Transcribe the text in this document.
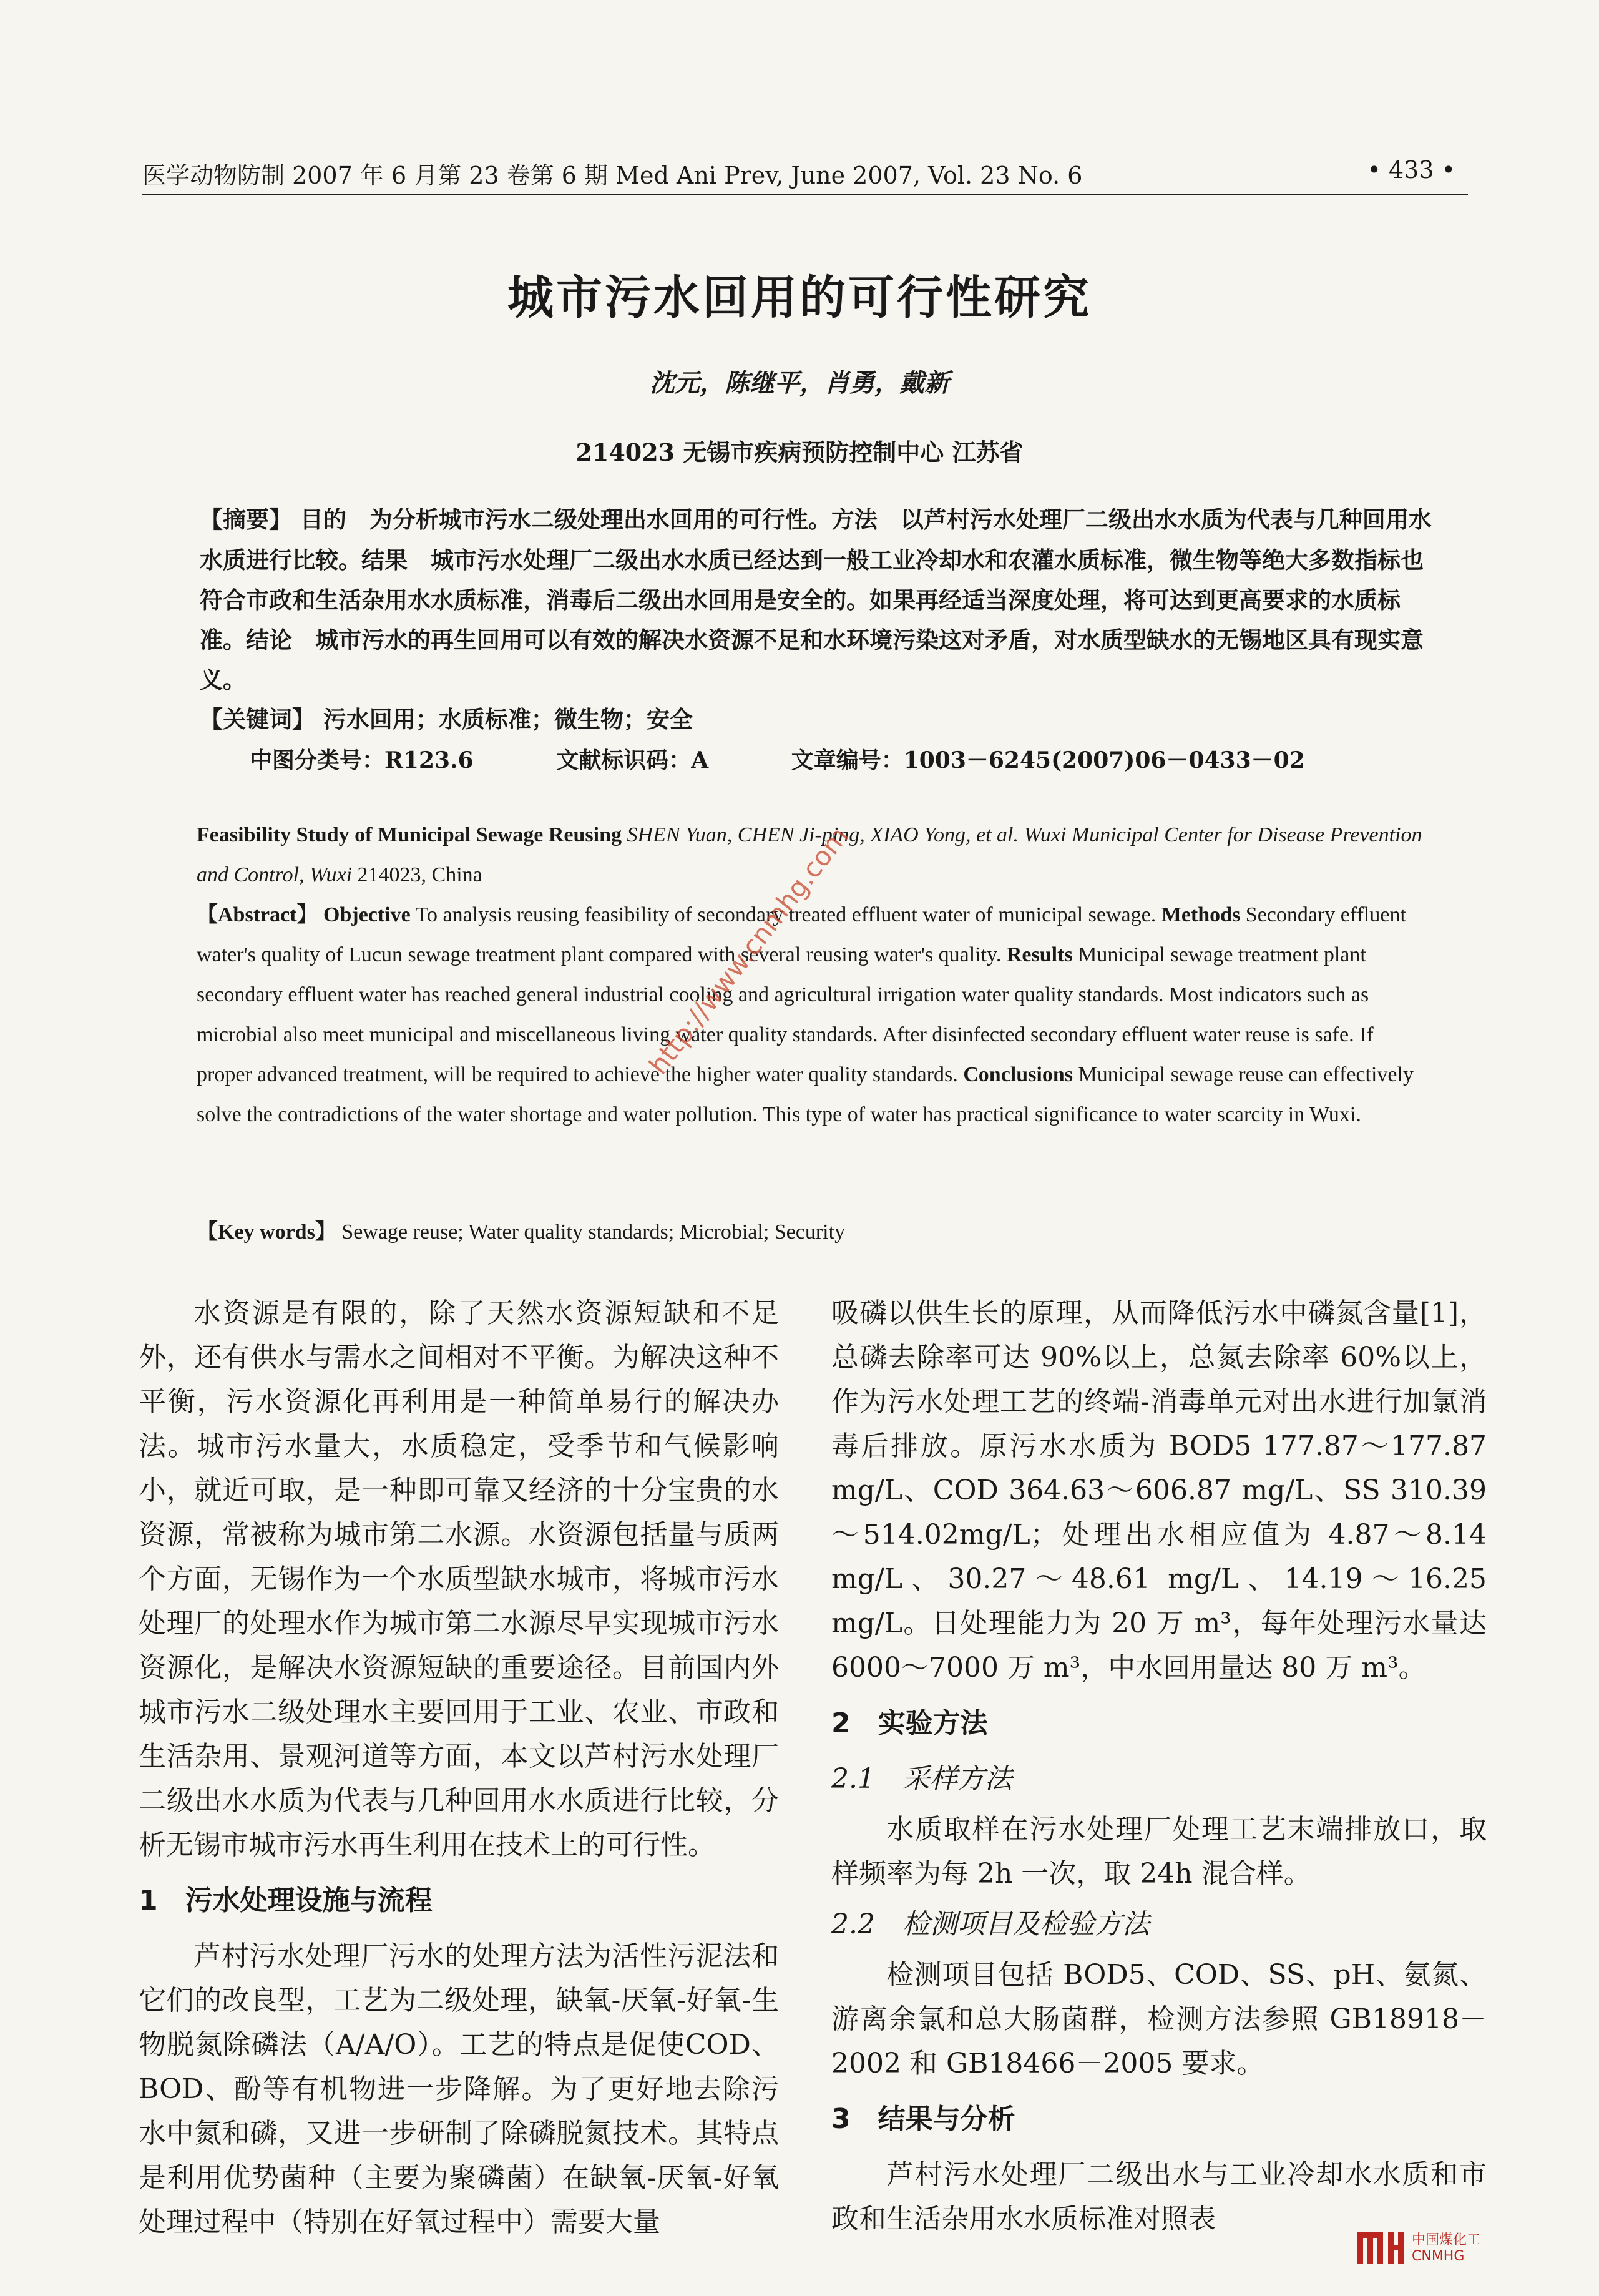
医学动物防制 2007 年 6 月第 23 卷第 6 期 Med Ani Prev, June 2007, Vol. 23 No. 6	• 433 •
城市污水回用的可行性研究
沈元，陈继平，肖勇，戴新
214023 无锡市疾病预防控制中心 江苏省
【摘要】 目的　为分析城市污水二级处理出水回用的可行性。方法　以芦村污水处理厂二级出水水质为代表与几种回用水水质进行比较。结果　城市污水处理厂二级出水水质已经达到一般工业冷却水和农灌水质标准，微生物等绝大多数指标也符合市政和生活杂用水水质标准，消毒后二级出水回用是安全的。如果再经适当深度处理，将可达到更高要求的水质标准。结论　城市污水的再生回用可以有效的解决水资源不足和水环境污染这对矛盾，对水质型缺水的无锡地区具有现实意义。
【关键词】 污水回用；水质标准；微生物；安全
中图分类号：R123.6	文献标识码：A	文章编号：1003－6245(2007)06－0433－02
Feasibility Study of Municipal Sewage Reusing SHEN Yuan, CHEN Ji-ping, XIAO Yong, et al. Wuxi Municipal Center for Disease Prevention and Control, Wuxi 214023, China
【Abstract】 Objective To analysis reusing feasibility of secondary treated effluent water of municipal sewage. Methods Secondary effluent water's quality of Lucun sewage treatment plant compared with several reusing water's quality. Results Municipal sewage treatment plant secondary effluent water has reached general industrial cooling and agricultural irrigation water quality standards. Most indicators such as microbial also meet municipal and miscellaneous living water quality standards. After disinfected secondary effluent water reuse is safe. If proper advanced treatment, will be required to achieve the higher water quality standards. Conclusions Municipal sewage reuse can effectively solve the contradictions of the water shortage and water pollution. This type of water has practical significance to water scarcity in Wuxi.
【Key words】 Sewage reuse; Water quality standards; Microbial; Security

水资源是有限的，除了天然水资源短缺和不足外，还有供水与需水之间相对不平衡。为解决这种不平衡，污水资源化再利用是一种简单易行的解决办法。城市污水量大，水质稳定，受季节和气候影响小，就近可取，是一种即可靠又经济的十分宝贵的水资源，常被称为城市第二水源。水资源包括量与质两个方面，无锡作为一个水质型缺水城市，将城市污水处理厂的处理水作为城市第二水源尽早实现城市污水资源化，是解决水资源短缺的重要途径。目前国内外城市污水二级处理水主要回用于工业、农业、市政和生活杂用、景观河道等方面，本文以芦村污水处理厂二级出水水质为代表与几种回用水水质进行比较，分析无锡市城市污水再生利用在技术上的可行性。

1　污水处理设施与流程

芦村污水处理厂污水的处理方法为活性污泥法和它们的改良型，工艺为二级处理，缺氧-厌氧-好氧-生物脱氮除磷法（A/A/O）。工艺的特点是促使COD、BOD、酚等有机物进一步降解。为了更好地去除污水中氮和磷，又进一步研制了除磷脱氮技术。其特点是利用优势菌种（主要为聚磷菌）在缺氧-厌氧-好氧处理过程中（特别在好氧过程中）需要大量

吸磷以供生长的原理，从而降低污水中磷氮含量[1]，总磷去除率可达 90%以上，总氮去除率 60%以上，作为污水处理工艺的终端-消毒单元对出水进行加氯消毒后排放。原污水水质为 BOD5 177.87～177.87 mg/L、COD 364.63～606.87 mg/L、SS 310.39～514.02mg/L；处理出水相应值为 4.87～8.14 mg/L、30.27～48.61 mg/L、14.19～16.25 mg/L。日处理能力为 20 万 m³，每年处理污水量达 6000～7000 万 m³，中水回用量达 80 万 m³。

2　实验方法

2.1　采样方法

水质取样在污水处理厂处理工艺末端排放口，取样频率为每 2h 一次，取 24h 混合样。

2.2　检测项目及检验方法

检测项目包括 BOD5、COD、SS、pH、氨氮、游离余氯和总大肠菌群，检测方法参照 GB18918－2002 和 GB18466－2005 要求。

3　结果与分析

芦村污水处理厂二级出水与工业冷却水水质和市政和生活杂用水水质标准对照表

http://www.cnmhg.com
中国煤化工
CNMHG
